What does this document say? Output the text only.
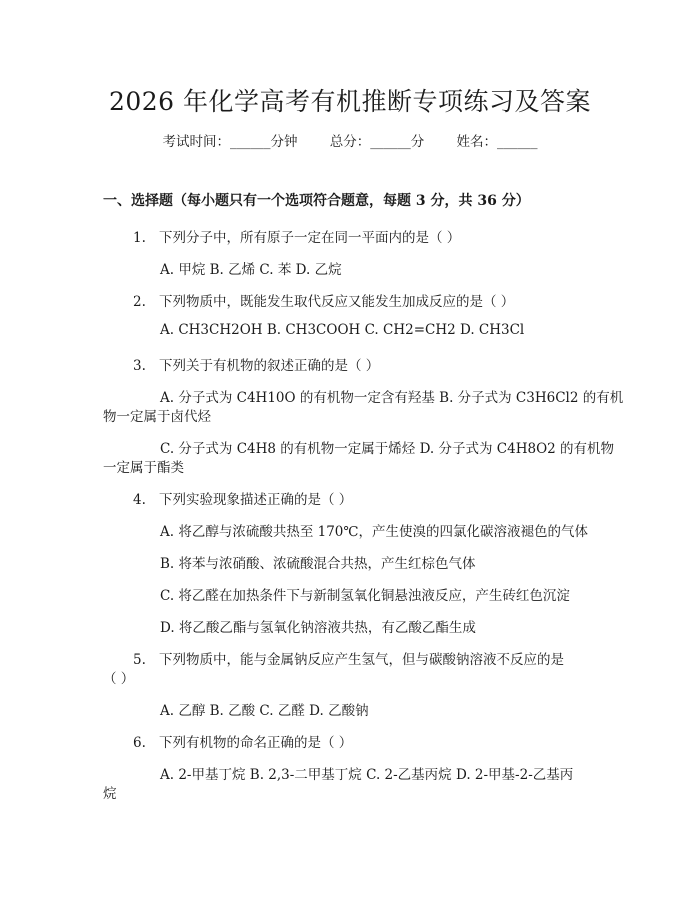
2026 年化学高考有机推断专项练习及答案
考试时间：______分钟 总分：______分 姓名：______
一、选择题（每小题只有一个选项符合题意，每题 3 分，共 36 分）
1. 下列分子中，所有原子一定在同一平面内的是（ ）
A. 甲烷 B. 乙烯 C. 苯 D. 乙烷
2. 下列物质中，既能发生取代反应又能发生加成反应的是（ ）
A. CH3CH2OH B. CH3COOH C. CH2=CH2 D. CH3Cl
3. 下列关于有机物的叙述正确的是（ ）
A. 分子式为 C4H10O 的有机物一定含有羟基 B. 分子式为 C3H6Cl2 的有机
物一定属于卤代烃
C. 分子式为 C4H8 的有机物一定属于烯烃 D. 分子式为 C4H8O2 的有机物
一定属于酯类
4. 下列实验现象描述正确的是（ ）
A. 将乙醇与浓硫酸共热至 170℃，产生使溴的四氯化碳溶液褪色的气体
B. 将苯与浓硝酸、浓硫酸混合共热，产生红棕色气体
C. 将乙醛在加热条件下与新制氢氧化铜悬浊液反应，产生砖红色沉淀
D. 将乙酸乙酯与氢氧化钠溶液共热，有乙酸乙酯生成
5. 下列物质中，能与金属钠反应产生氢气，但与碳酸钠溶液不反应的是
（ ）
A. 乙醇 B. 乙酸 C. 乙醛 D. 乙酸钠
6. 下列有机物的命名正确的是（ ）
A. 2-甲基丁烷 B. 2,3-二甲基丁烷 C. 2-乙基丙烷 D. 2-甲基-2-乙基丙
烷
